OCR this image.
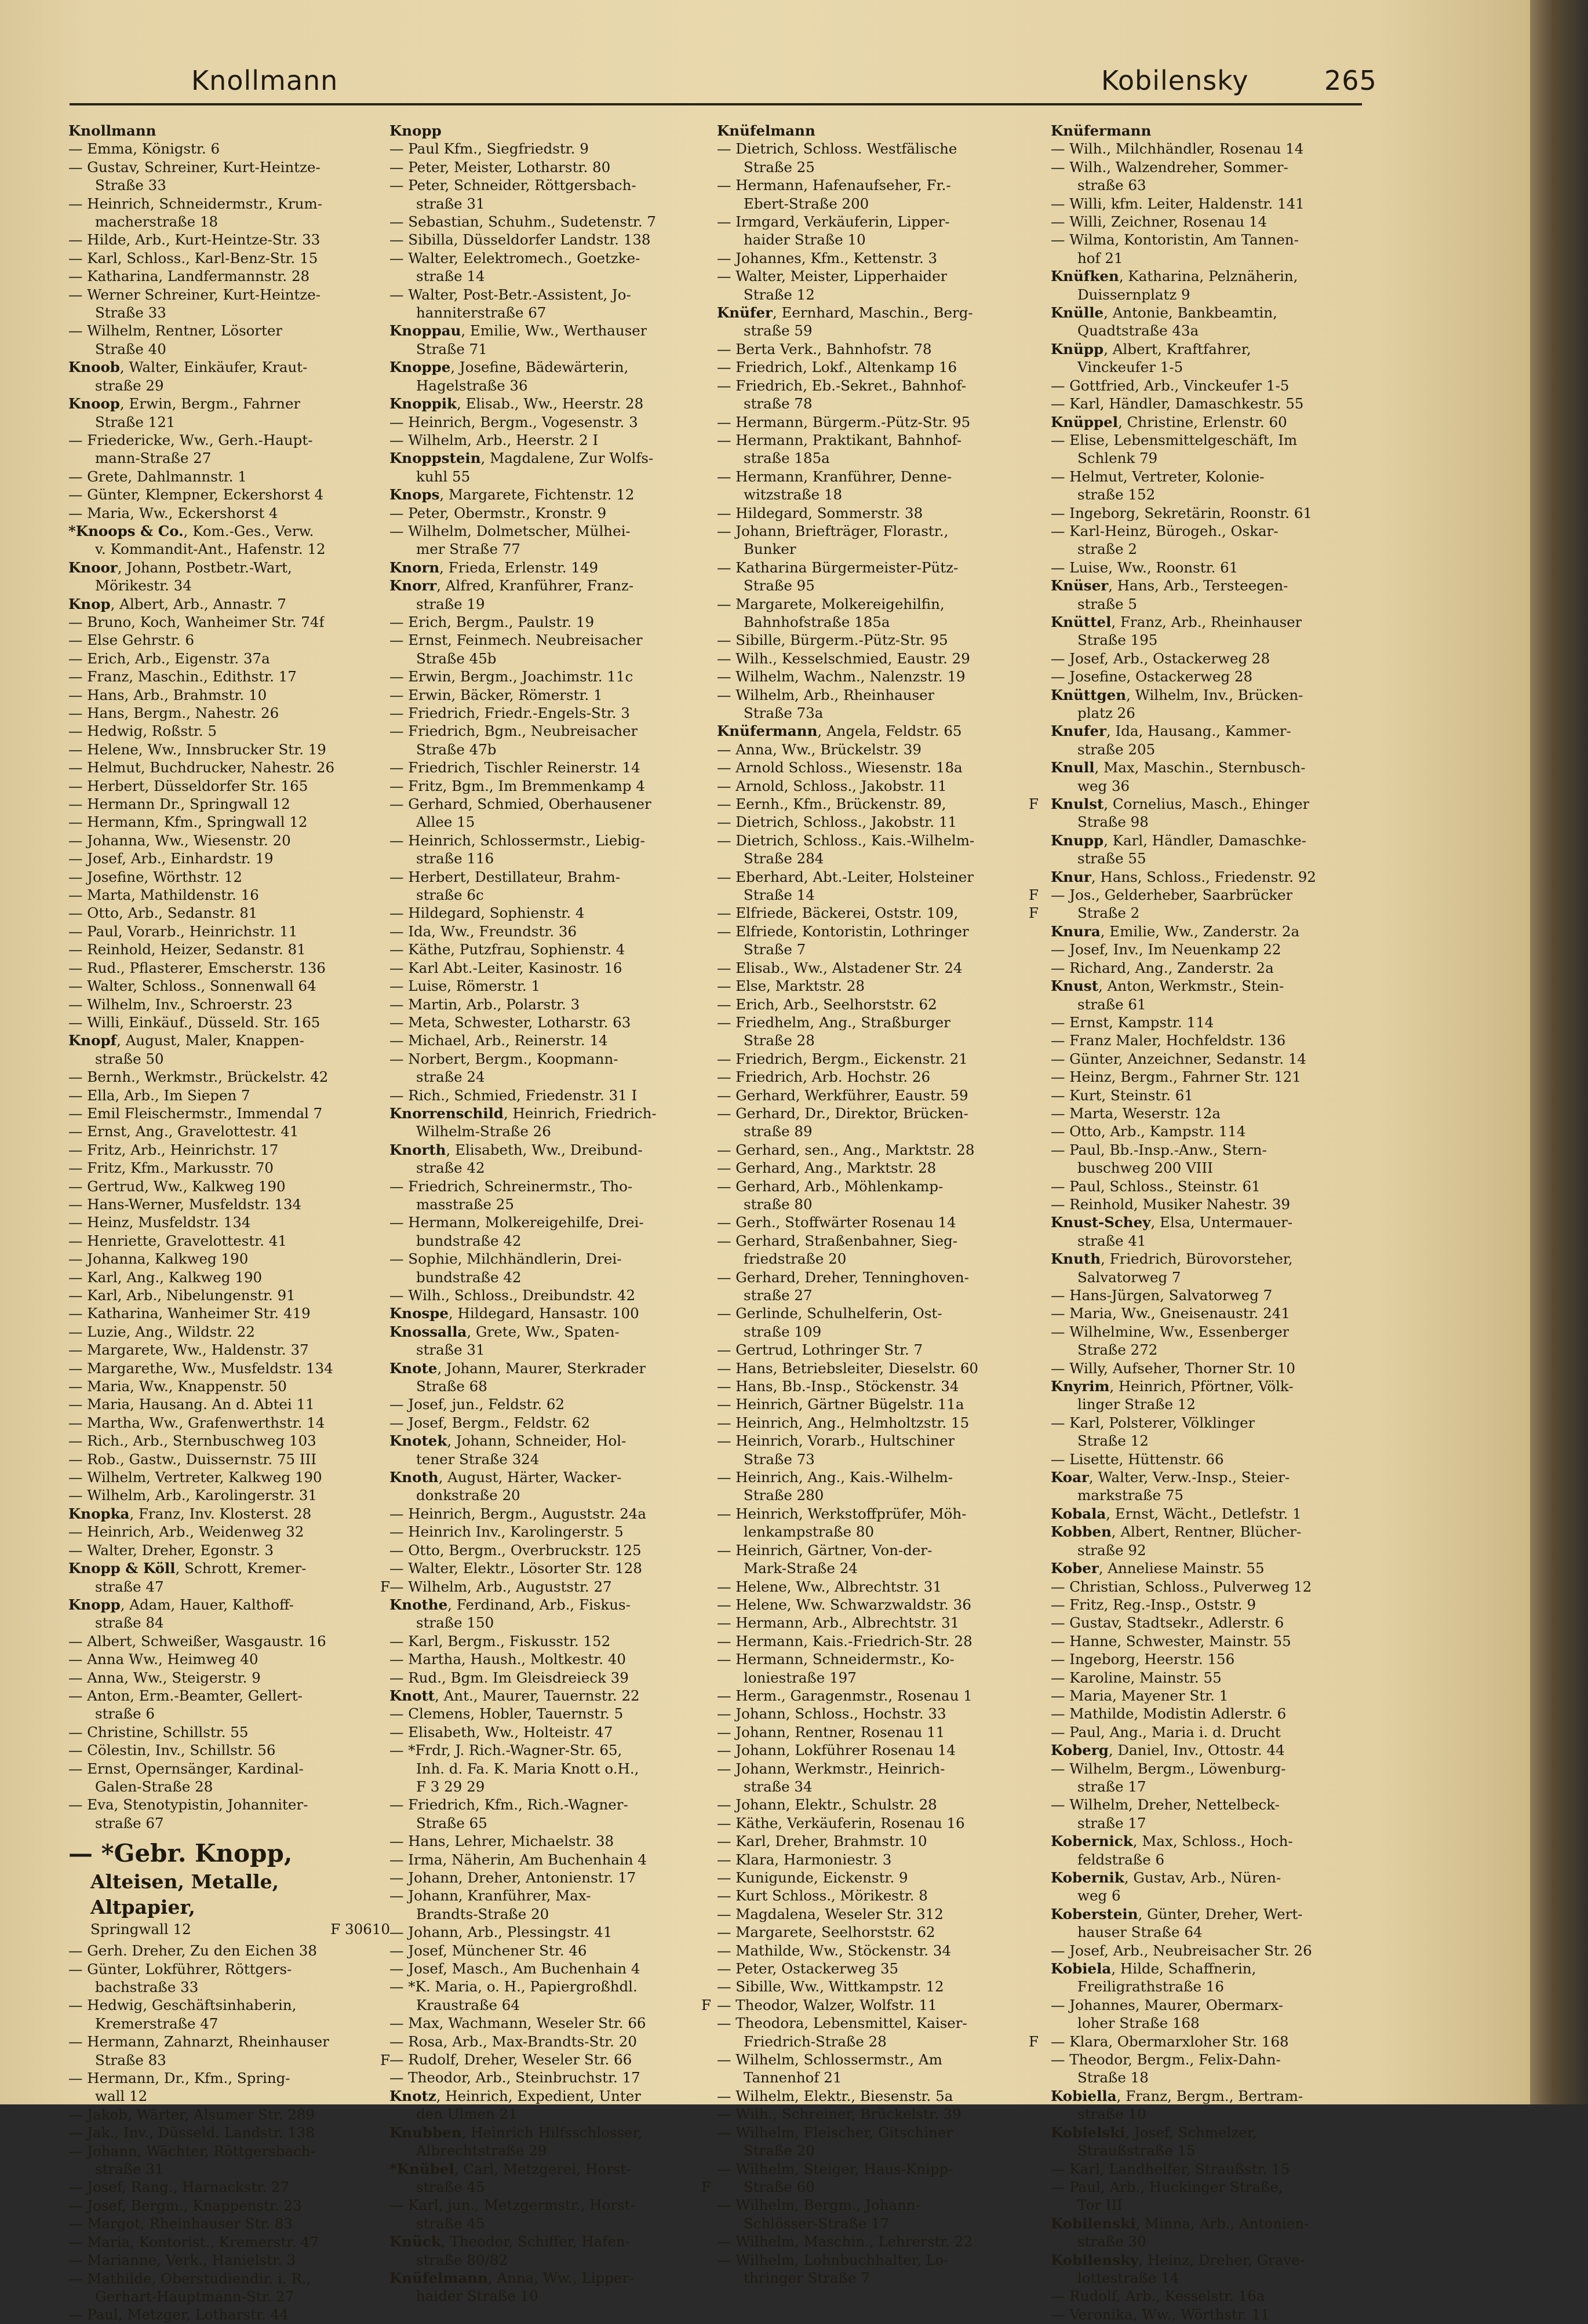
Knollmann	Kobilensky	265
Knollmann
— Emma, Königstr. 6
— Gustav, Schreiner, Kurt-Heintze-
Straße 33
— Heinrich, Schneidermstr., Krum-
macherstraße 18
— Hilde, Arb., Kurt-Heintze-Str. 33
— Karl, Schloss., Karl-Benz-Str. 15
— Katharina, Landfermannstr. 28
— Werner Schreiner, Kurt-Heintze-
Straße 33
— Wilhelm, Rentner, Lösorter
Straße 40
Knoob, Walter, Einkäufer, Kraut-
straße 29
Knoop, Erwin, Bergm., Fahrner
Straße 121
— Friedericke, Ww., Gerh.-Haupt-
mann-Straße 27
— Grete, Dahlmannstr. 1
— Günter, Klempner, Eckershorst 4
— Maria, Ww., Eckershorst 4
*Knoops & Co., Kom.-Ges., Verw.
v. Kommandit-Ant., Hafenstr. 12
Knoor, Johann, Postbetr.-Wart,
Mörikestr. 34
Knop, Albert, Arb., Annastr. 7
— Bruno, Koch, Wanheimer Str. 74f
— Else Gehrstr. 6
— Erich, Arb., Eigenstr. 37a
— Franz, Maschin., Edithstr. 17
— Hans, Arb., Brahmstr. 10
— Hans, Bergm., Nahestr. 26
— Hedwig, Roßstr. 5
— Helene, Ww., Innsbrucker Str. 19
— Helmut, Buchdrucker, Nahestr. 26
— Herbert, Düsseldorfer Str. 165
— Hermann Dr., Springwall 12
— Hermann, Kfm., Springwall 12
— Johanna, Ww., Wiesenstr. 20
— Josef, Arb., Einhardstr. 19
— Josefine, Wörthstr. 12
— Marta, Mathildenstr. 16
— Otto, Arb., Sedanstr. 81
— Paul, Vorarb., Heinrichstr. 11
— Reinhold, Heizer, Sedanstr. 81
— Rud., Pflasterer, Emscherstr. 136
— Walter, Schloss., Sonnenwall 64
— Wilhelm, Inv., Schroerstr. 23
— Willi, Einkäuf., Düsseld. Str. 165
Knopf, August, Maler, Knappen-
straße 50
— Bernh., Werkmstr., Brückelstr. 42
— Ella, Arb., Im Siepen 7
— Emil Fleischermstr., Immendal 7
— Ernst, Ang., Gravelottestr. 41
— Fritz, Arb., Heinrichstr. 17
— Fritz, Kfm., Markusstr. 70
— Gertrud, Ww., Kalkweg 190
— Hans-Werner, Musfeldstr. 134
— Heinz, Musfeldstr. 134
— Henriette, Gravelottestr. 41
— Johanna, Kalkweg 190
— Karl, Ang., Kalkweg 190
— Karl, Arb., Nibelungenstr. 91
— Katharina, Wanheimer Str. 419
— Luzie, Ang., Wildstr. 22
— Margarete, Ww., Haldenstr. 37
— Margarethe, Ww., Musfeldstr. 134
— Maria, Ww., Knappenstr. 50
— Maria, Hausang. An d. Abtei 11
— Martha, Ww., Grafenwerthstr. 14
— Rich., Arb., Sternbuschweg 103
— Rob., Gastw., Duissernstr. 75 III
— Wilhelm, Vertreter, Kalkweg 190
— Wilhelm, Arb., Karolingerstr. 31
Knopka, Franz, Inv. Klosterst. 28
— Heinrich, Arb., Weidenweg 32
— Walter, Dreher, Egonstr. 3
Knopp & Köll, Schrott, Kremer-
straße 47	F
Knopp, Adam, Hauer, Kalthoff-
straße 84
— Albert, Schweißer, Wasgaustr. 16
— Anna Ww., Heimweg 40
— Anna, Ww., Steigerstr. 9
— Anton, Erm.-Beamter, Gellert-
straße 6
— Christine, Schillstr. 55
— Cölestin, Inv., Schillstr. 56
— Ernst, Opernsänger, Kardinal-
Galen-Straße 28
— Eva, Stenotypistin, Johanniter-
straße 67
— *Gebr. Knopp,
Alteisen, Metalle, Altpapier,
Springwall 12	F 30610
— Gerh. Dreher, Zu den Eichen 38
— Günter, Lokführer, Röttgers-
bachstraße 33
— Hedwig, Geschäftsinhaberin,
Kremerstraße 47
— Hermann, Zahnarzt, Rheinhauser
Straße 83	F
— Hermann, Dr., Kfm., Spring-
wall 12
— Jakob, Wärter, Alsumer Str. 289
— Jak., Inv., Düsseld. Landstr. 138
— Johann, Wächter, Röttgersbach-
straße 31
— Josef, Rang., Harnackstr. 27
— Josef, Bergm., Knappenstr. 23
— Margot, Rheinhauser Str. 83
— Maria, Kontorist., Kremerstr. 47
— Marianne, Verk., Hanielstr. 3
— Mathilde, Oberstudiendir. i. R.,
Gerhart-Hauptmann-Str. 27
— Paul, Metzger, Lotharstr. 44
Knopp
— Paul Kfm., Siegfriedstr. 9
— Peter, Meister, Lotharstr. 80
— Peter, Schneider, Röttgersbach-
straße 31
— Sebastian, Schuhm., Sudetenstr. 7
— Sibilla, Düsseldorfer Landstr. 138
— Walter, Eelektromech., Goetzke-
straße 14
— Walter, Post-Betr.-Assistent, Jo-
hanniterstraße 67
Knoppau, Emilie, Ww., Werthauser
Straße 71
Knoppe, Josefine, Bädewärterin,
Hagelstraße 36
Knoppik, Elisab., Ww., Heerstr. 28
— Heinrich, Bergm., Vogesenstr. 3
— Wilhelm, Arb., Heerstr. 2 I
Knoppstein, Magdalene, Zur Wolfs-
kuhl 55
Knops, Margarete, Fichtenstr. 12
— Peter, Obermstr., Kronstr. 9
— Wilhelm, Dolmetscher, Mülhei-
mer Straße 77
Knorn, Frieda, Erlenstr. 149
Knorr, Alfred, Kranführer, Franz-
straße 19
— Erich, Bergm., Paulstr. 19
— Ernst, Feinmech. Neubreisacher
Straße 45b
— Erwin, Bergm., Joachimstr. 11c
— Erwin, Bäcker, Römerstr. 1
— Friedrich, Friedr.-Engels-Str. 3
— Friedrich, Bgm., Neubreisacher
Straße 47b
— Friedrich, Tischler Reinerstr. 14
— Fritz, Bgm., Im Bremmenkamp 4
— Gerhard, Schmied, Oberhausener
Allee 15
— Heinrich, Schlossermstr., Liebig-
straße 116
— Herbert, Destillateur, Brahm-
straße 6c
— Hildegard, Sophienstr. 4
— Ida, Ww., Freundstr. 36
— Käthe, Putzfrau, Sophienstr. 4
— Karl Abt.-Leiter, Kasinostr. 16
— Luise, Römerstr. 1
— Martin, Arb., Polarstr. 3
— Meta, Schwester, Lotharstr. 63
— Michael, Arb., Reinerstr. 14
— Norbert, Bergm., Koopmann-
straße 24
— Rich., Schmied, Friedenstr. 31 I
Knorrenschild, Heinrich, Friedrich-
Wilhelm-Straße 26
Knorth, Elisabeth, Ww., Dreibund-
straße 42
— Friedrich, Schreinermstr., Tho-
masstraße 25
— Hermann, Molkereigehilfe, Drei-
bundstraße 42
— Sophie, Milchhändlerin, Drei-
bundstraße 42
— Wilh., Schloss., Dreibundstr. 42
Knospe, Hildegard, Hansastr. 100
Knossalla, Grete, Ww., Spaten-
straße 31
Knote, Johann, Maurer, Sterkrader
Straße 68
— Josef, jun., Feldstr. 62
— Josef, Bergm., Feldstr. 62
Knotek, Johann, Schneider, Hol-
tener Straße 324
Knoth, August, Härter, Wacker-
donkstraße 20
— Heinrich, Bergm., Auguststr. 24a
— Heinrich Inv., Karolingerstr. 5
— Otto, Bergm., Overbruckstr. 125
— Walter, Elektr., Lösorter Str. 128
— Wilhelm, Arb., Auguststr. 27
Knothe, Ferdinand, Arb., Fiskus-
straße 150
— Karl, Bergm., Fiskusstr. 152
— Martha, Haush., Moltkestr. 40
— Rud., Bgm. Im Gleisdreieck 39
Knott, Ant., Maurer, Tauernstr. 22
— Clemens, Hobler, Tauernstr. 5
— Elisabeth, Ww., Holteistr. 47
— *Frdr, J. Rich.-Wagner-Str. 65,
Inh. d. Fa. K. Maria Knott o.H.,
F 3 29 29
— Friedrich, Kfm., Rich.-Wagner-
Straße 65
— Hans, Lehrer, Michaelstr. 38
— Irma, Näherin, Am Buchenhain 4
— Johann, Dreher, Antonienstr. 17
— Johann, Kranführer, Max-
Brandts-Straße 20
— Johann, Arb., Plessingstr. 41
— Josef, Münchener Str. 46
— Josef, Masch., Am Buchenhain 4
— *K. Maria, o. H., Papiergroßhdl.
Kraustraße 64	F
— Max, Wachmann, Weseler Str. 66
— Rosa, Arb., Max-Brandts-Str. 20
— Rudolf, Dreher, Weseler Str. 66
— Theodor, Arb., Steinbruchstr. 17
Knotz, Heinrich, Expedient, Unter
den Ulmen 21
Knubben, Heinrich Hilfsschlosser,
Albrechtstraße 29
*Knübel, Carl, Metzgerei, Horst-
straße 45	F
— Karl, jun., Metzgermstr., Horst-
straße 45
Knück, Theodor, Schiffer, Hafen-
straße 80/82
Knüfelmann, Anna, Ww., Lipper-
haider Straße 10
Knüfelmann
— Dietrich, Schloss. Westfälische
Straße 25
— Hermann, Hafenaufseher, Fr.-
Ebert-Straße 200
— Irmgard, Verkäuferin, Lipper-
haider Straße 10
— Johannes, Kfm., Kettenstr. 3
— Walter, Meister, Lipperhaider
Straße 12
Knüfer, Eernhard, Maschin., Berg-
straße 59
— Berta Verk., Bahnhofstr. 78
— Friedrich, Lokf., Altenkamp 16
— Friedrich, Eb.-Sekret., Bahnhof-
straße 78
— Hermann, Bürgerm.-Pütz-Str. 95
— Hermann, Praktikant, Bahnhof-
straße 185a
— Hermann, Kranführer, Denne-
witzstraße 18
— Hildegard, Sommerstr. 38
— Johann, Briefträger, Florastr.,
Bunker
— Katharina Bürgermeister-Pütz-
Straße 95
— Margarete, Molkereigehilfin,
Bahnhofstraße 185a
— Sibille, Bürgerm.-Pütz-Str. 95
— Wilh., Kesselschmied, Eaustr. 29
— Wilhelm, Wachm., Nalenzstr. 19
— Wilhelm, Arb., Rheinhauser
Straße 73a
Knüfermann, Angela, Feldstr. 65
— Anna, Ww., Brückelstr. 39
— Arnold Schloss., Wiesenstr. 18a
— Arnold, Schloss., Jakobstr. 11
— Eernh., Kfm., Brückenstr. 89,	F
— Dietrich, Schloss., Jakobstr. 11
— Dietrich, Schloss., Kais.-Wilhelm-
Straße 284
— Eberhard, Abt.-Leiter, Holsteiner
Straße 14	F
— Elfriede, Bäckerei, Oststr. 109,	F
— Elfriede, Kontoristin, Lothringer
Straße 7
— Elisab., Ww., Alstadener Str. 24
— Else, Marktstr. 28
— Erich, Arb., Seelhorststr. 62
— Friedhelm, Ang., Straßburger
Straße 28
— Friedrich, Bergm., Eickenstr. 21
— Friedrich, Arb. Hochstr. 26
— Gerhard, Werkführer, Eaustr. 59
— Gerhard, Dr., Direktor, Brücken-
straße 89
— Gerhard, sen., Ang., Marktstr. 28
— Gerhard, Ang., Marktstr. 28
— Gerhard, Arb., Möhlenkamp-
straße 80
— Gerh., Stoffwärter Rosenau 14
— Gerhard, Straßenbahner, Sieg-
friedstraße 20
— Gerhard, Dreher, Tenninghoven-
straße 27
— Gerlinde, Schulhelferin, Ost-
straße 109
— Gertrud, Lothringer Str. 7
— Hans, Betriebsleiter, Dieselstr. 60
— Hans, Bb.-Insp., Stöckenstr. 34
— Heinrich, Gärtner Bügelstr. 11a
— Heinrich, Ang., Helmholtzstr. 15
— Heinrich, Vorarb., Hultschiner
Straße 73
— Heinrich, Ang., Kais.-Wilhelm-
Straße 280
— Heinrich, Werkstoffprüfer, Möh-
lenkampstraße 80
— Heinrich, Gärtner, Von-der-
Mark-Straße 24
— Helene, Ww., Albrechtstr. 31
— Helene, Ww. Schwarzwaldstr. 36
— Hermann, Arb., Albrechtstr. 31
— Hermann, Kais.-Friedrich-Str. 28
— Hermann, Schneidermstr., Ko-
loniestraße 197
— Herm., Garagenmstr., Rosenau 1
— Johann, Schloss., Hochstr. 33
— Johann, Rentner, Rosenau 11
— Johann, Lokführer Rosenau 14
— Johann, Werkmstr., Heinrich-
straße 34
— Johann, Elektr., Schulstr. 28
— Käthe, Verkäuferin, Rosenau 16
— Karl, Dreher, Brahmstr. 10
— Klara, Harmoniestr. 3
— Kunigunde, Eickenstr. 9
— Kurt Schloss., Mörikestr. 8
— Magdalena, Weseler Str. 312
— Margarete, Seelhorststr. 62
— Mathilde, Ww., Stöckenstr. 34
— Peter, Ostackerweg 35
— Sibille, Ww., Wittkampstr. 12
— Theodor, Walzer, Wolfstr. 11
— Theodora, Lebensmittel, Kaiser-
Friedrich-Straße 28	F
— Wilhelm, Schlossermstr., Am
Tannenhof 21
— Wilhelm, Elektr., Biesenstr. 5a
— Wilh., Schreiner, Brückelstr. 39
— Wilhelm, Fleischer, Gitschiner
Straße 20
— Wilhelm, Steiger, Haus-Knipp-
Straße 60
— Wilhelm, Bergm., Johann-
Schlösser-Straße 17
— Wilhelm, Maschin., Lehrerstr. 22
— Wilhelm, Lohnbuchhalter, Lo-
thringer Straße 7
Knüfermann
— Wilh., Milchhändler, Rosenau 14
— Wilh., Walzendreher, Sommer-
straße 63
— Willi, kfm. Leiter, Haldenstr. 141
— Willi, Zeichner, Rosenau 14
— Wilma, Kontoristin, Am Tannen-
hof 21
Knüfken, Katharina, Pelznäherin,
Duissernplatz 9
Knülle, Antonie, Bankbeamtin,
Quadtstraße 43a
Knüpp, Albert, Kraftfahrer,
Vinckeufer 1-5
— Gottfried, Arb., Vinckeufer 1-5
— Karl, Händler, Damaschkestr. 55
Knüppel, Christine, Erlenstr. 60
— Elise, Lebensmittelgeschäft, Im
Schlenk 79
— Helmut, Vertreter, Kolonie-
straße 152
— Ingeborg, Sekretärin, Roonstr. 61
— Karl-Heinz, Bürogeh., Oskar-
straße 2
— Luise, Ww., Roonstr. 61
Knüser, Hans, Arb., Tersteegen-
straße 5
Knüttel, Franz, Arb., Rheinhauser
Straße 195
— Josef, Arb., Ostackerweg 28
— Josefine, Ostackerweg 28
Knüttgen, Wilhelm, Inv., Brücken-
platz 26
Knufer, Ida, Hausang., Kammer-
straße 205
Knull, Max, Maschin., Sternbusch-
weg 36
Knulst, Cornelius, Masch., Ehinger
Straße 98
Knupp, Karl, Händler, Damaschke-
straße 55
Knur, Hans, Schloss., Friedenstr. 92
— Jos., Gelderheber, Saarbrücker
Straße 2
Knura, Emilie, Ww., Zanderstr. 2a
— Josef, Inv., Im Neuenkamp 22
— Richard, Ang., Zanderstr. 2a
Knust, Anton, Werkmstr., Stein-
straße 61
— Ernst, Kampstr. 114
— Franz Maler, Hochfeldstr. 136
— Günter, Anzeichner, Sedanstr. 14
— Heinz, Bergm., Fahrner Str. 121
— Kurt, Steinstr. 61
— Marta, Weserstr. 12a
— Otto, Arb., Kampstr. 114
— Paul, Bb.-Insp.-Anw., Stern-
buschweg 200 VIII
— Paul, Schloss., Steinstr. 61
— Reinhold, Musiker Nahestr. 39
Knust-Schey, Elsa, Untermauer-
straße 41
Knuth, Friedrich, Bürovorsteher,
Salvatorweg 7
— Hans-Jürgen, Salvatorweg 7
— Maria, Ww., Gneisenaustr. 241
— Wilhelmine, Ww., Essenberger
Straße 272
— Willy, Aufseher, Thorner Str. 10
Knyrim, Heinrich, Pförtner, Völk-
linger Straße 12
— Karl, Polsterer, Völklinger
Straße 12
— Lisette, Hüttenstr. 66
Koar, Walter, Verw.-Insp., Steier-
markstraße 75
Kobala, Ernst, Wächt., Detlefstr. 1
Kobben, Albert, Rentner, Blücher-
straße 92
Kober, Anneliese Mainstr. 55
— Christian, Schloss., Pulverweg 12
— Fritz, Reg.-Insp., Oststr. 9
— Gustav, Stadtsekr., Adlerstr. 6
— Hanne, Schwester, Mainstr. 55
— Ingeborg, Heerstr. 156
— Karoline, Mainstr. 55
— Maria, Mayener Str. 1
— Mathilde, Modistin Adlerstr. 6
— Paul, Ang., Maria i. d. Drucht
Koberg, Daniel, Inv., Ottostr. 44
— Wilhelm, Bergm., Löwenburg-
straße 17
— Wilhelm, Dreher, Nettelbeck-
straße 17
Kobernick, Max, Schloss., Hoch-
feldstraße 6
Kobernik, Gustav, Arb., Nüren-
weg 6
Koberstein, Günter, Dreher, Wert-
hauser Straße 64
— Josef, Arb., Neubreisacher Str. 26
Kobiela, Hilde, Schaffnerin,
Freiligrathstraße 16
— Johannes, Maurer, Obermarx-
loher Straße 168
— Klara, Obermarxloher Str. 168
— Theodor, Bergm., Felix-Dahn-
Straße 18
Kobiella, Franz, Bergm., Bertram-
straße 10
Kobielski, Josef, Schmelzer,
Straußstraße 15
— Karl, Landhelfer, Straußstr. 15
— Paul, Arb., Huckinger Straße,
Tor III
Kobilenski, Minna, Arb., Antonien-
straße 30
Kobilensky, Heinz, Dreher, Grave-
lottestraße 14
— Rudolf, Arb., Kesselstr. 16a
— Veronika, Ww., Wörthstr. 11
